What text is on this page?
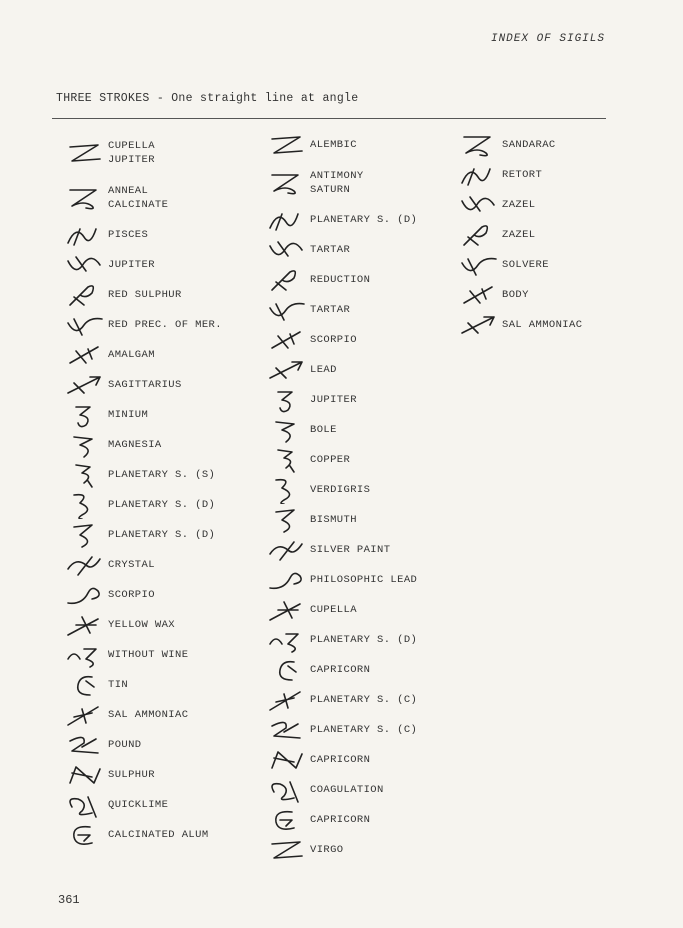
INDEX OF SIGILS
THREE STROKES - One straight line at angle
CUPELLA
JUPITER
ANNEAL
CALCINATE
PISCES
JUPITER
RED SULPHUR
RED PREC. OF MER.
AMALGAM
SAGITTARIUS
MINIUM
MAGNESIA
PLANETARY S. (S)
PLANETARY S. (D)
PLANETARY S. (D)
CRYSTAL
SCORPIO
YELLOW WAX
WITHOUT WINE
TIN
SAL AMMONIAC
POUND
SULPHUR
QUICKLIME
CALCINATED ALUM
ALEMBIC
ANTIMONY
SATURN
PLANETARY S. (D)
TARTAR
REDUCTION
TARTAR
SCORPIO
LEAD
JUPITER
BOLE
COPPER
VERDIGRIS
BISMUTH
SILVER PAINT
PHILOSOPHIC LEAD
CUPELLA
PLANETARY S. (D)
CAPRICORN
PLANETARY S. (C)
PLANETARY S. (C)
CAPRICORN
COAGULATION
CAPRICORN
VIRGO
SANDARAC
RETORT
ZAZEL
ZAZEL
SOLVERE
BODY
SAL AMMONIAC
361
